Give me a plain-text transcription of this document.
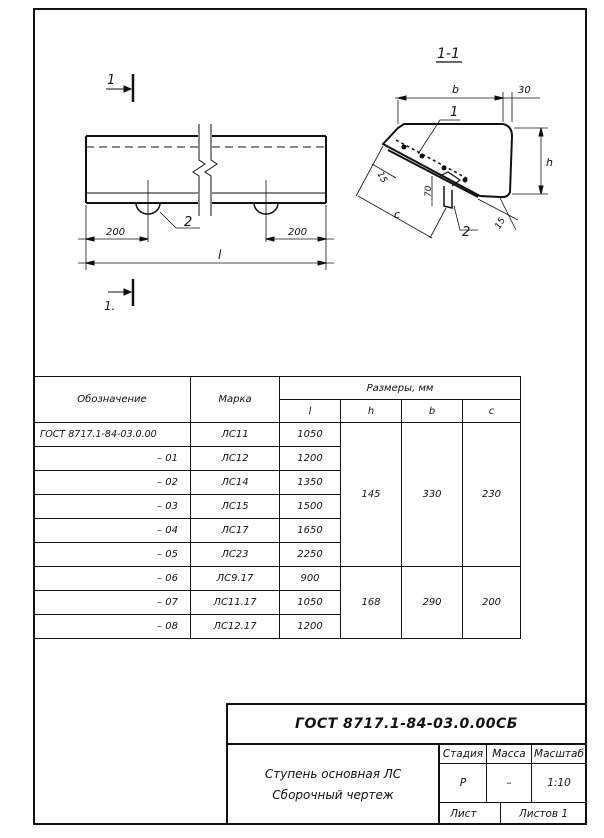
1
1.
200	200
2
l
1-1
b	30
h
c
15
70
15
1
2
Обозначение	Марка	Размеры, мм			
		l	h	b	c
ГОСТ 8717.1-84-03.0.00	ЛС11	1050	145	330	230
– 01	ЛС12	1200			
– 02	ЛС14	1350			
– 03	ЛС15	1500			
– 04	ЛС17	1650			
– 05	ЛС23	2250			
– 06	ЛС9.17	900	168	290	200
– 07	ЛС11.17	1050			
– 08	ЛС12.17	1200			
ГОСТ 8717.1-84-03.0.00СБ
Ступень основная ЛС
Сборочный чертеж
Стадия Масса Масштаб
Р	–	1:10
Лист	Листов 1
